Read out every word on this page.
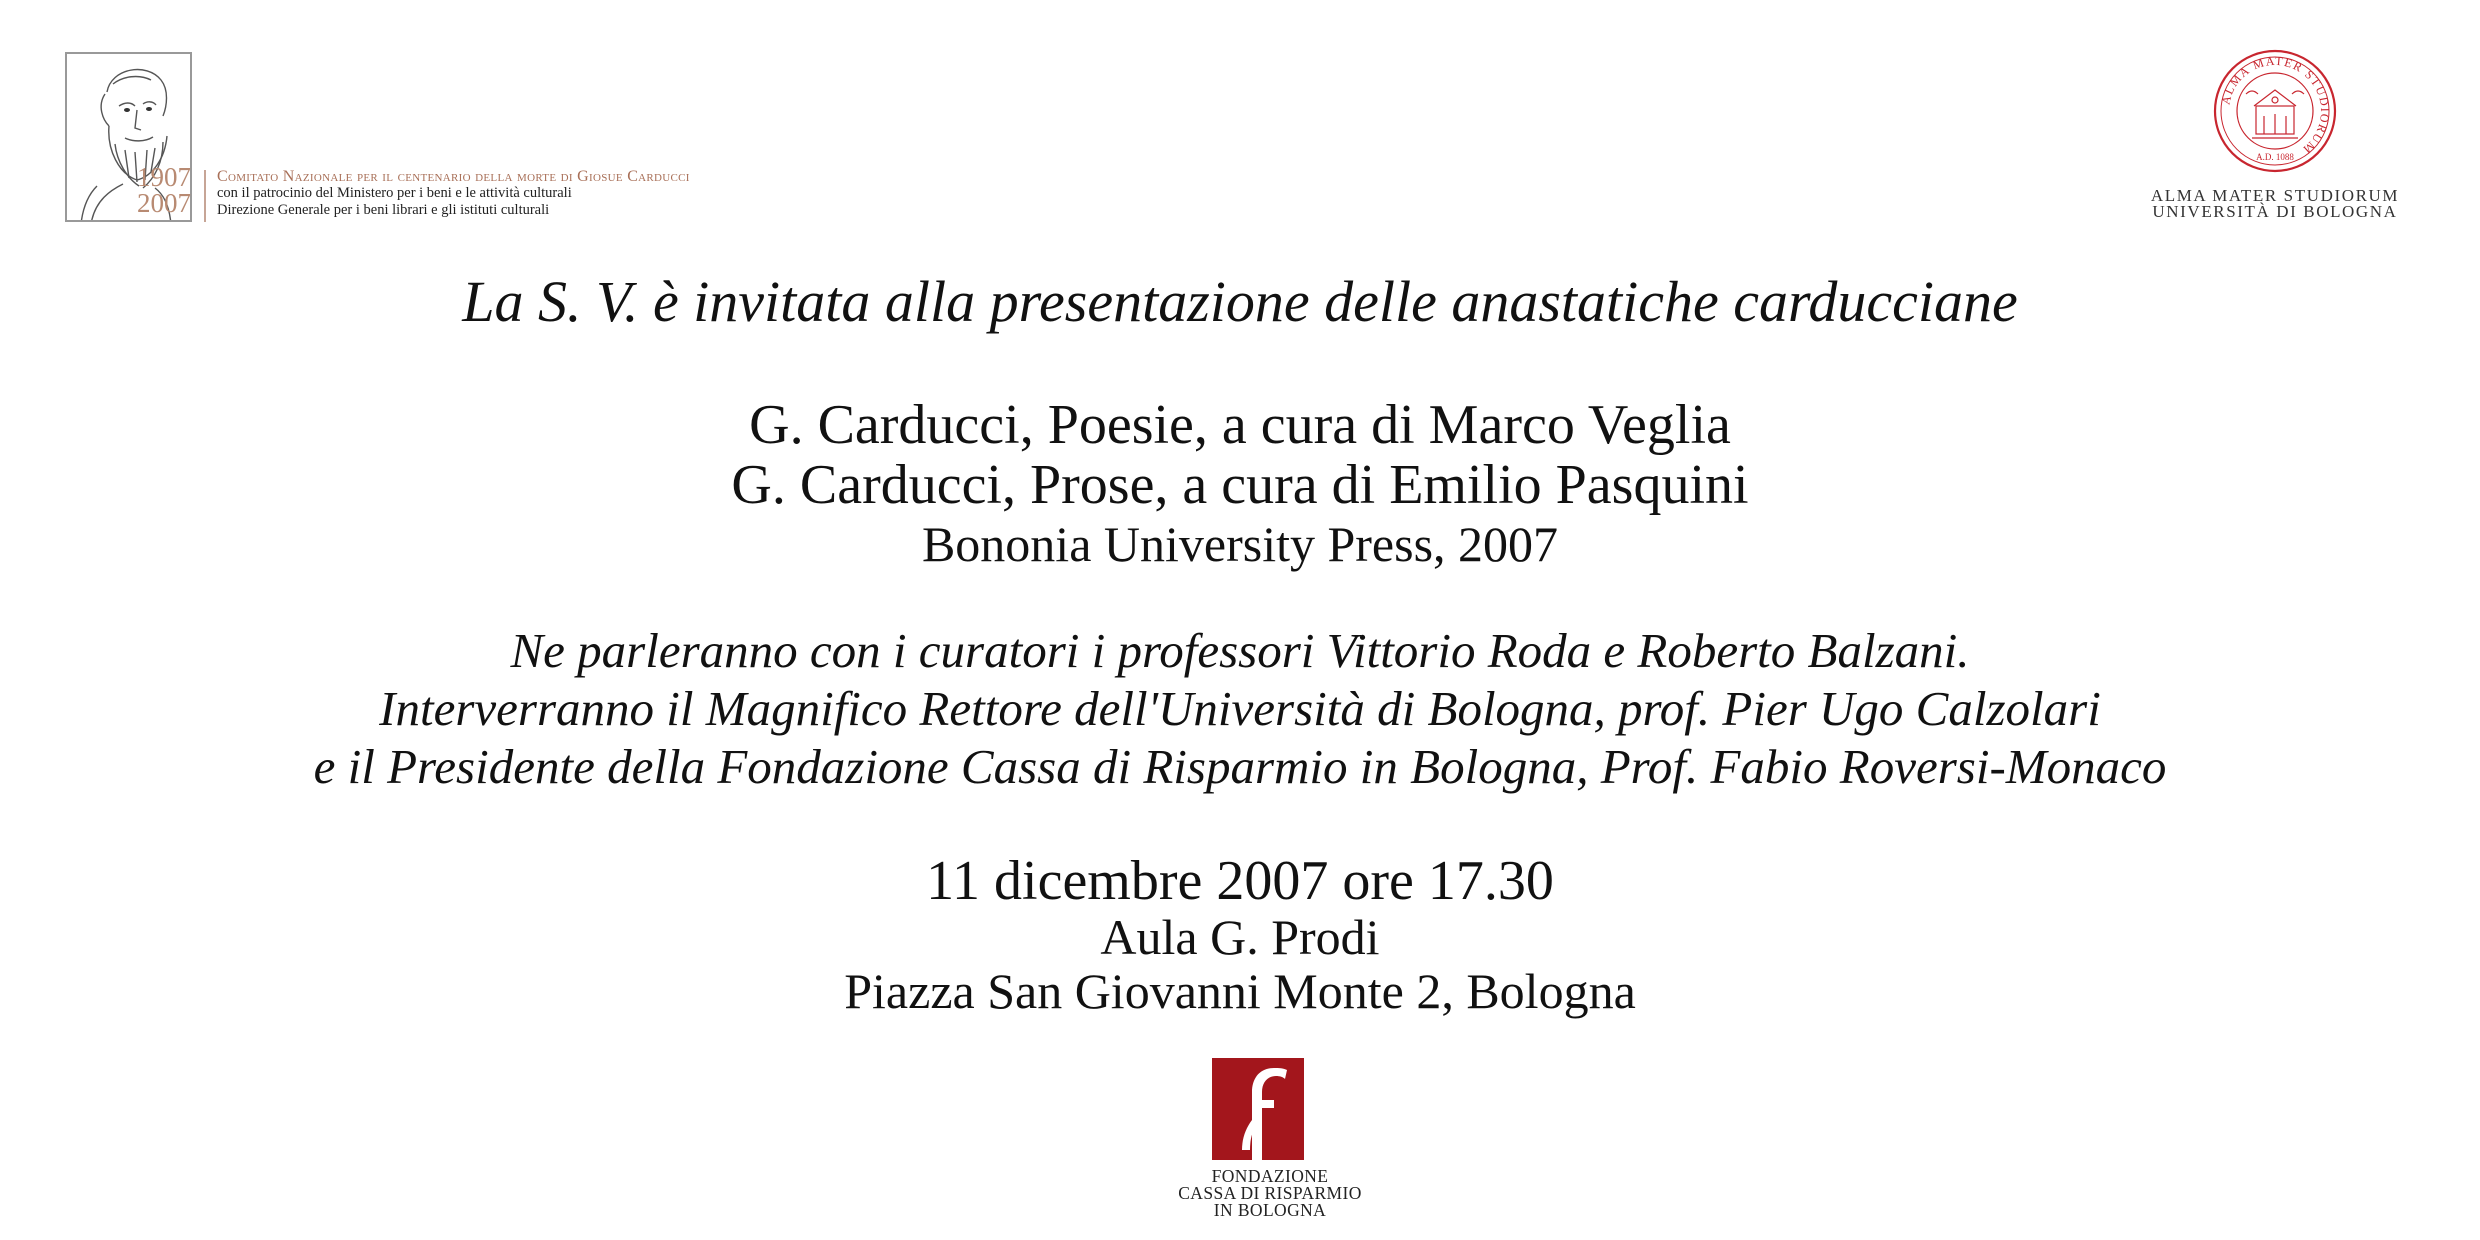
1907
2007
Comitato Nazionale per il centenario della morte di Giosue Carducci
con il patrocinio del Ministero per i beni e le attività culturali
Direzione Generale per i beni librari e gli istituti culturali
ALMA MATER STUDIORUM
A.D. 1088
ALMA MATER STUDIORUM
UNIVERSITÀ DI BOLOGNA
La S. V. è invitata alla presentazione delle anastatiche carducciane
G. Carducci, Poesie, a cura di Marco Veglia
G. Carducci, Prose, a cura di Emilio Pasquini
Bononia University Press, 2007
Ne parleranno con i curatori i professori Vittorio Roda e Roberto Balzani.
Interverranno il Magnifico Rettore dell'Università di Bologna, prof. Pier Ugo Calzolari
e il Presidente della Fondazione Cassa di Risparmio in Bologna, Prof. Fabio Roversi-Monaco
11 dicembre 2007 ore 17.30
Aula G. Prodi
Piazza San Giovanni Monte 2, Bologna
FONDAZIONE
CASSA DI RISPARMIO
IN BOLOGNA
